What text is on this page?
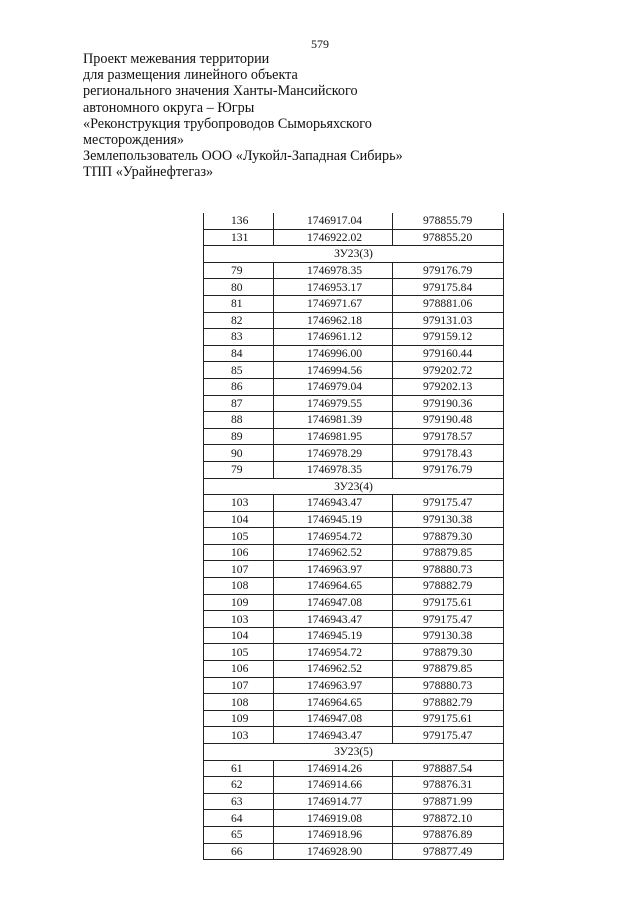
579
Проект межевания территории
для размещения линейного объекта
регионального значения Ханты-Мансийского
автономного округа – Югры
«Реконструкция трубопроводов Сыморьяхского
месторождения»
Землепользователь ООО «Лукойл-Западная Сибирь»
ТПП «Урайнефтегаз»
136	1746917.04	978855.79
131	1746922.02	978855.20
ЗУ23(3)		
79	1746978.35	979176.79
80	1746953.17	979175.84
81	1746971.67	978881.06
82	1746962.18	979131.03
83	1746961.12	979159.12
84	1746996.00	979160.44
85	1746994.56	979202.72
86	1746979.04	979202.13
87	1746979.55	979190.36
88	1746981.39	979190.48
89	1746981.95	979178.57
90	1746978.29	979178.43
79	1746978.35	979176.79
ЗУ23(4)		
103	1746943.47	979175.47
104	1746945.19	979130.38
105	1746954.72	978879.30
106	1746962.52	978879.85
107	1746963.97	978880.73
108	1746964.65	978882.79
109	1746947.08	979175.61
103	1746943.47	979175.47
104	1746945.19	979130.38
105	1746954.72	978879.30
106	1746962.52	978879.85
107	1746963.97	978880.73
108	1746964.65	978882.79
109	1746947.08	979175.61
103	1746943.47	979175.47
ЗУ23(5)		
61	1746914.26	978887.54
62	1746914.66	978876.31
63	1746914.77	978871.99
64	1746919.08	978872.10
65	1746918.96	978876.89
66	1746928.90	978877.49
